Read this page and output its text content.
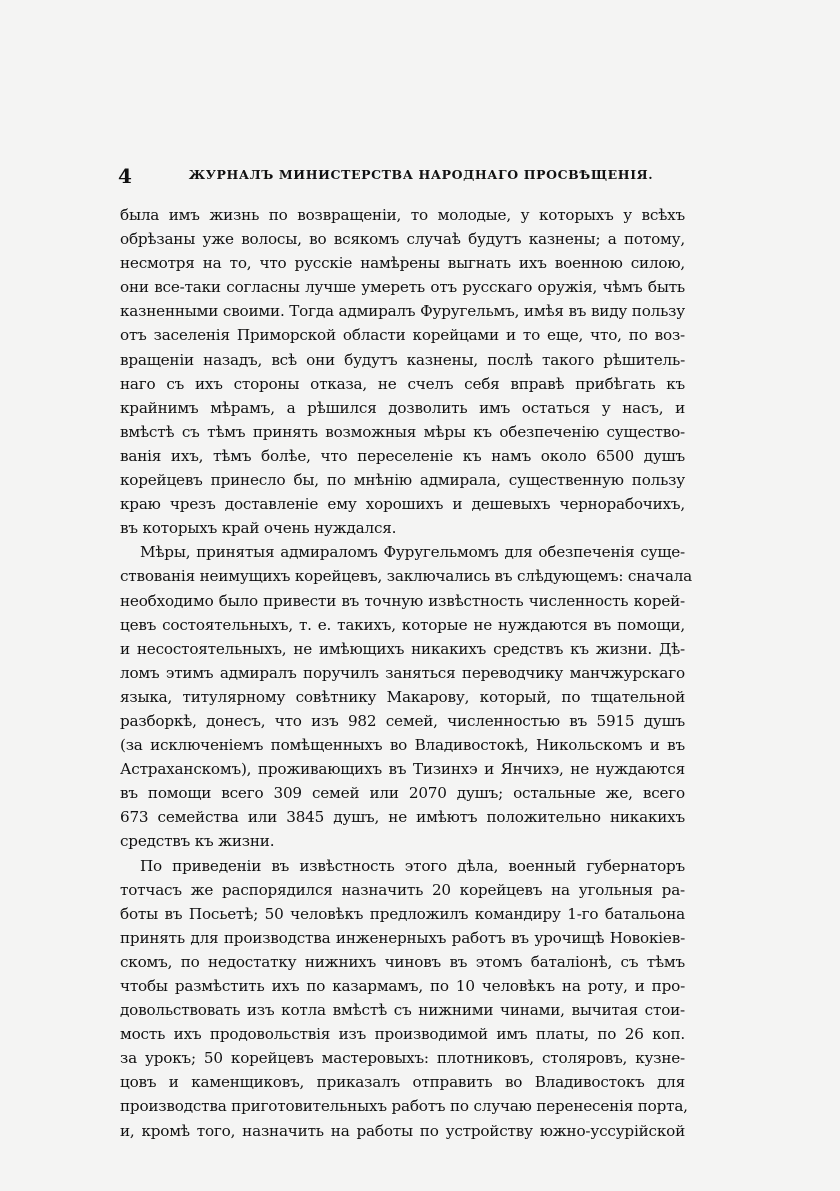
4	ЖУРНАЛЪ МИНИСТЕРСТВА НАРОДНАГО ПРОСВѢЩЕНІЯ.
была имъ жизнь по возвращеніи, то молодые, у которыхъ у всѣхъ
обрѣзаны уже волосы, во всякомъ случаѣ будутъ казнены; а потому,
несмотря на то, что русскіе намѣрены выгнать ихъ военною силою,
они все-таки согласны лучше умереть отъ русскаго оружія, чѣмъ быть
казненными своими. Тогда адмиралъ Фуругельмъ, имѣя въ виду пользу
отъ заселенія Приморской области корейцами и то еще, что, по воз-
вращеніи назадъ, всѣ они будутъ казнены, послѣ такого рѣшитель-
наго съ ихъ стороны отказа, не счелъ себя вправѣ прибѣгать къ
крайнимъ мѣрамъ, а рѣшился дозволить имъ остаться у насъ, и
вмѣстѣ съ тѣмъ принять возможныя мѣры къ обезпеченію существо-
ванія ихъ, тѣмъ болѣе, что переселеніе къ намъ около 6500 душъ
корейцевъ принесло бы, по мнѣнію адмирала, существенную пользу
краю чрезъ доставленіе ему хорошихъ и дешевыхъ чернорабочихъ,
въ которыхъ край очень нуждался.
Мѣры, принятыя адмираломъ Фуругельмомъ для обезпеченія суще-
ствованія неимущихъ корейцевъ, заключались въ слѣдующемъ: сначала
необходимо было привести въ точную извѣстность численность корей-
цевъ состоятельныхъ, т. е. такихъ, которые не нуждаются въ помощи,
и несостоятельныхъ, не имѣющихъ никакихъ средствъ къ жизни. Дѣ-
ломъ этимъ адмиралъ поручилъ заняться переводчику манчжурскаго
языка, титулярному совѣтнику Макарову, который, по тщательной
разборкѣ, донесъ, что изъ 982 семей, численностью въ 5915 душъ
(за исключеніемъ помѣщенныхъ во Владивостокѣ, Никольскомъ и въ
Астраханскомъ), проживающихъ въ Тизинхэ и Янчихэ, не нуждаются
въ помощи всего 309 семей или 2070 душъ; остальные же, всего
673 семейства или 3845 душъ, не имѣютъ положительно никакихъ
средствъ къ жизни.
По приведеніи въ извѣстность этого дѣла, военный губернаторъ
тотчасъ же распорядился назначить 20 корейцевъ на угольныя ра-
боты въ Посьетѣ; 50 человѣкъ предложилъ командиру 1-го батальона
принять для производства инженерныхъ работъ въ урочищѣ Новокіев-
скомъ, по недостатку нижнихъ чиновъ въ этомъ баталіонѣ, съ тѣмъ
чтобы размѣстить ихъ по казармамъ, по 10 человѣкъ на роту, и про-
довольствовать изъ котла вмѣстѣ съ нижними чинами, вычитая стои-
мость ихъ продовольствія изъ производимой имъ платы, по 26 коп.
за урокъ; 50 корейцевъ мастеровыхъ: плотниковъ, столяровъ, кузне-
цовъ и каменщиковъ, приказалъ отправить во Владивостокъ для
производства приготовительныхъ работъ по случаю перенесенія порта,
и, кромѣ того, назначить на работы по устройству южно-уссурійской
